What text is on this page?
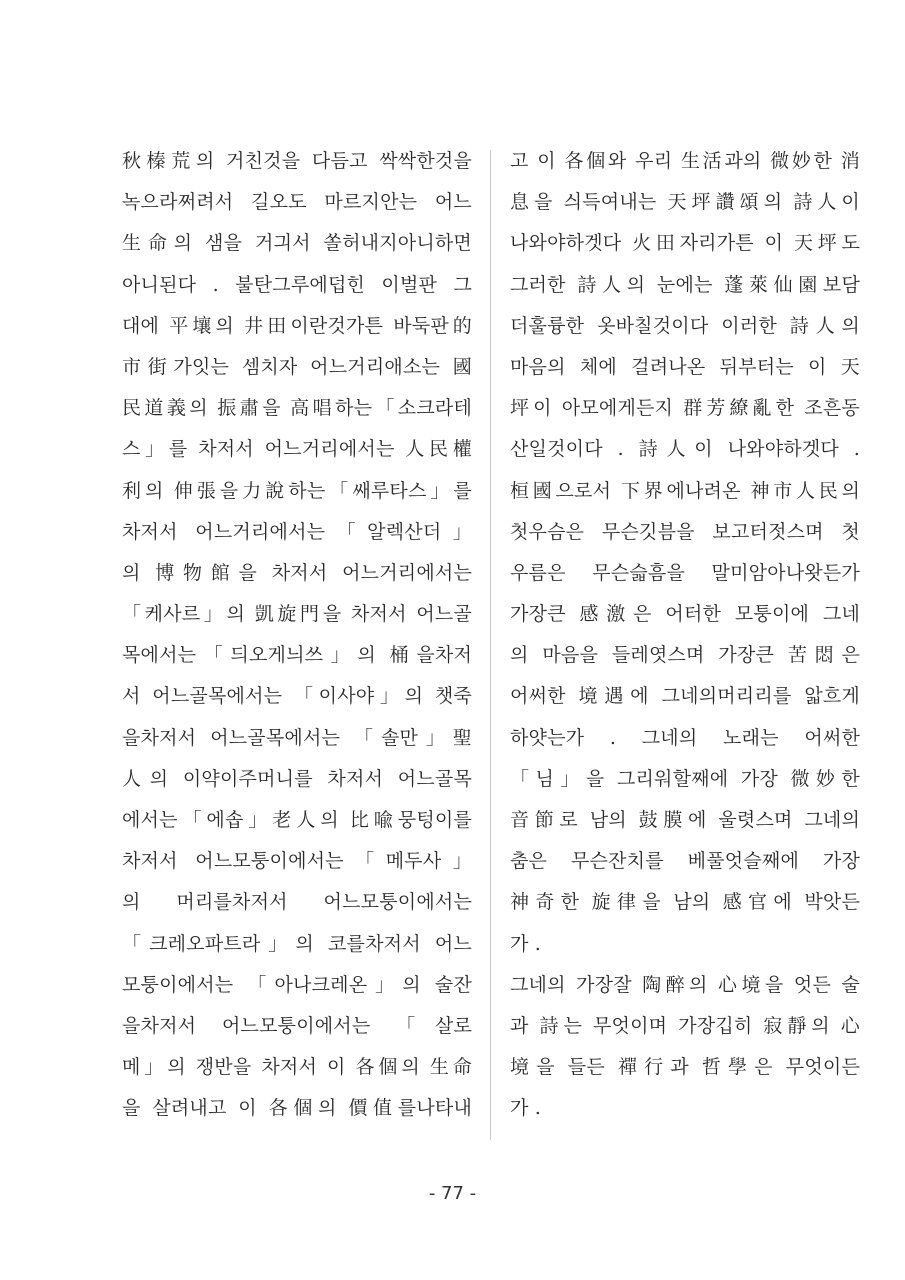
秋榛荒의 거친것을 다듬고 싹싹한것을
녹으라쩌려서 길오도 마르지안는 어느
生命의 샘을 거긔서 쏠허내지아니하면
아니된다 . 불탄그루에덥힌 이벌판 그
대에 平壤의 井田이란것가튼 바둑판的
市街가잇는 셈치자 어느거리애소는 國
民道義의 振肅을 高唱하는「소크라테
스」를 차저서 어느거리에서는 人民權
利의 伸張을力說하는「쌔루타스」를
차저서 어느거리에서는「알렉산더」
의 博物館을 차저서 어느거리에서는
「케사르」의 凱旋門을 차저서 어느골
목에서는「듸오게늬쓰」의 桶을차저
서 어느골목에서는 「이사야」의 챗죽
을차저서 어느골목에서는 「솔만」聖
人의 이약이주머니를 차저서 어느골목
에서는「에솝」老人의 比喩뭉텅이를
차저서 어느모퉁이에서는「메두사」
의 머리를차저서 어느모퉁이에서는
「크레오파트라」의 코를차저서 어느
모퉁이에서는 「아나크레온」의 술잔
을차저서 어느모퉁이에서는 「살로
메」의 쟁반을 차저서 이 各個의 生命
을 살려내고 이 各個의 價值를나타내
고 이 各個와 우리 生活과의 微妙한 消
息을 싀득여내는 天坪讚頌의 詩人이
나와야하겟다 火田자리가튼 이 天坪도
그러한 詩人의 눈에는 蓬萊仙園보담
더훌륭한 옷바칠것이다 이러한 詩人의
마음의 체에 걸려나온 뒤부터는 이 天
坪이 아모에게든지 群芳繚亂한 조흔동
산일것이다 . 詩人이 나와야하겟다 .
桓國으로서 下界에나려온 神市人民의
첫우슴은 무슨깃븜을 보고터젓스며 첫
우름은 무슨슯흠을 말미암아나왓든가
가장큰 感激은 어터한 모퉁이에 그네
의 마음을 들레엿스며 가장큰 苦悶은
어써한 境遇에 그네의머리리를 앏흐게
하얏는가 . 그네의 노래는 어써한
「님」을 그리워할째에 가장 微妙한
音節로 남의 鼓膜에 울렷스며 그네의
춤은 무슨잔치를 베풀엇슬째에 가장
神奇한 旋律을 남의 感官에 박앗든
가 .
그네의 가장잘 陶醉의 心境을 엇든 술
과 詩는 무엇이며 가장깁히 寂靜의 心
境을 들든 禪行과 哲學은 무엇이든
가 .
- 77 -
